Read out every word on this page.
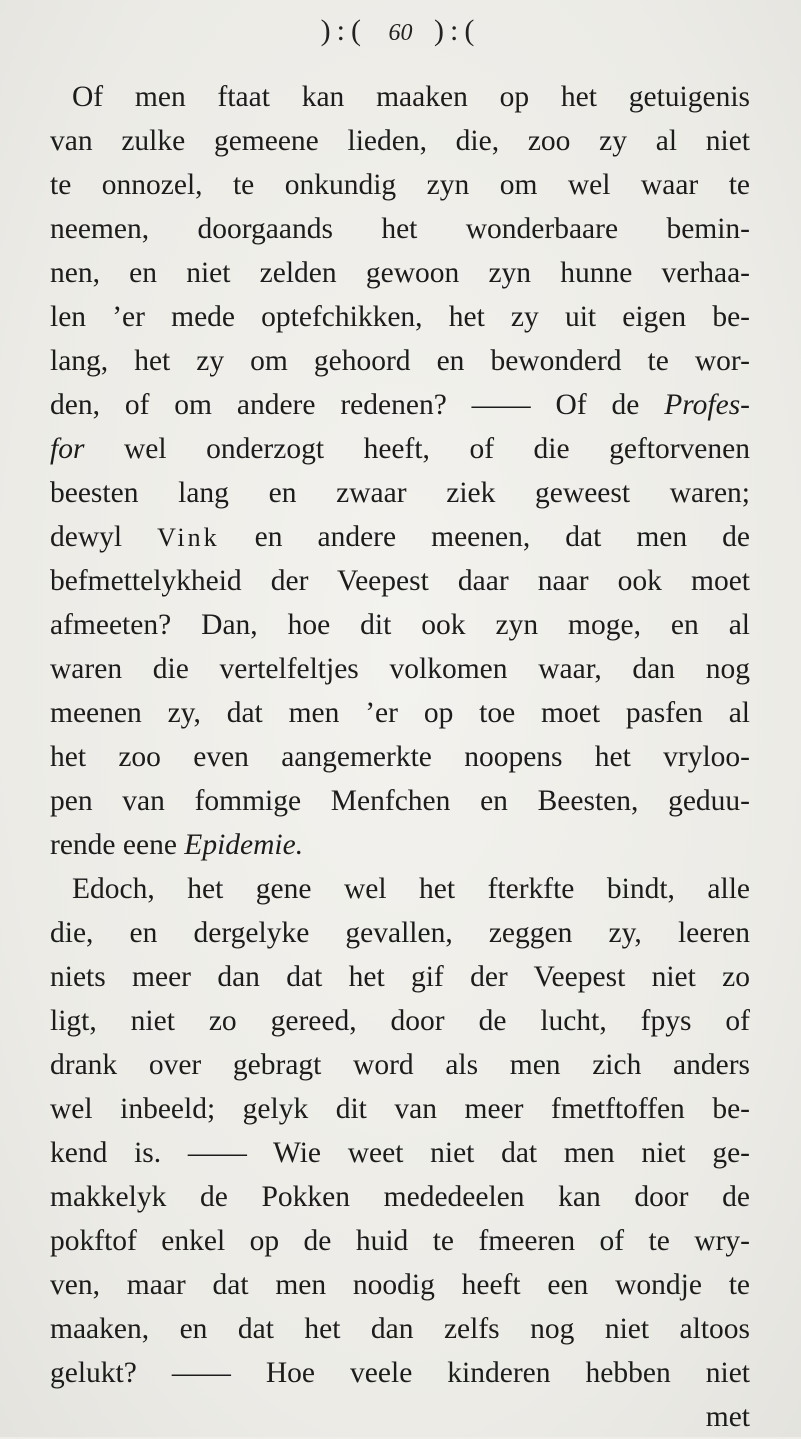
):( 60 ):(
Of men ftaat kan maaken op het getuigenis
van zulke gemeene lieden, die, zoo zy al niet
te onnozel, te onkundig zyn om wel waar te
neemen, doorgaands het wonderbaare bemin-
nen, en niet zelden gewoon zyn hunne verhaa-
len ’er mede optefchikken, het zy uit eigen be-
lang, het zy om gehoord en bewonderd te wor-
den, of om andere redenen? —— Of de Profes-
for wel onderzogt heeft, of die geftorvenen
beesten lang en zwaar ziek geweest waren;
dewyl Vink en andere meenen, dat men de
befmettelykheid der Veepest daar naar ook moet
afmeeten? Dan, hoe dit ook zyn moge, en al
waren die vertelfeltjes volkomen waar, dan nog
meenen zy, dat men ’er op toe moet pasfen al
het zoo even aangemerkte noopens het vryloo-
pen van fommige Menfchen en Beesten, geduu-
rende eene Epidemie.
Edoch, het gene wel het fterkfte bindt, alle
die, en dergelyke gevallen, zeggen zy, leeren
niets meer dan dat het gif der Veepest niet zo
ligt, niet zo gereed, door de lucht, fpys of
drank over gebragt word als men zich anders
wel inbeeld; gelyk dit van meer fmetftoffen be-
kend is. —— Wie weet niet dat men niet ge-
makkelyk de Pokken mededeelen kan door de
pokftof enkel op de huid te fmeeren of te wry-
ven, maar dat men noodig heeft een wondje te
maaken, en dat het dan zelfs nog niet altoos
gelukt? —— Hoe veele kinderen hebben niet
met
